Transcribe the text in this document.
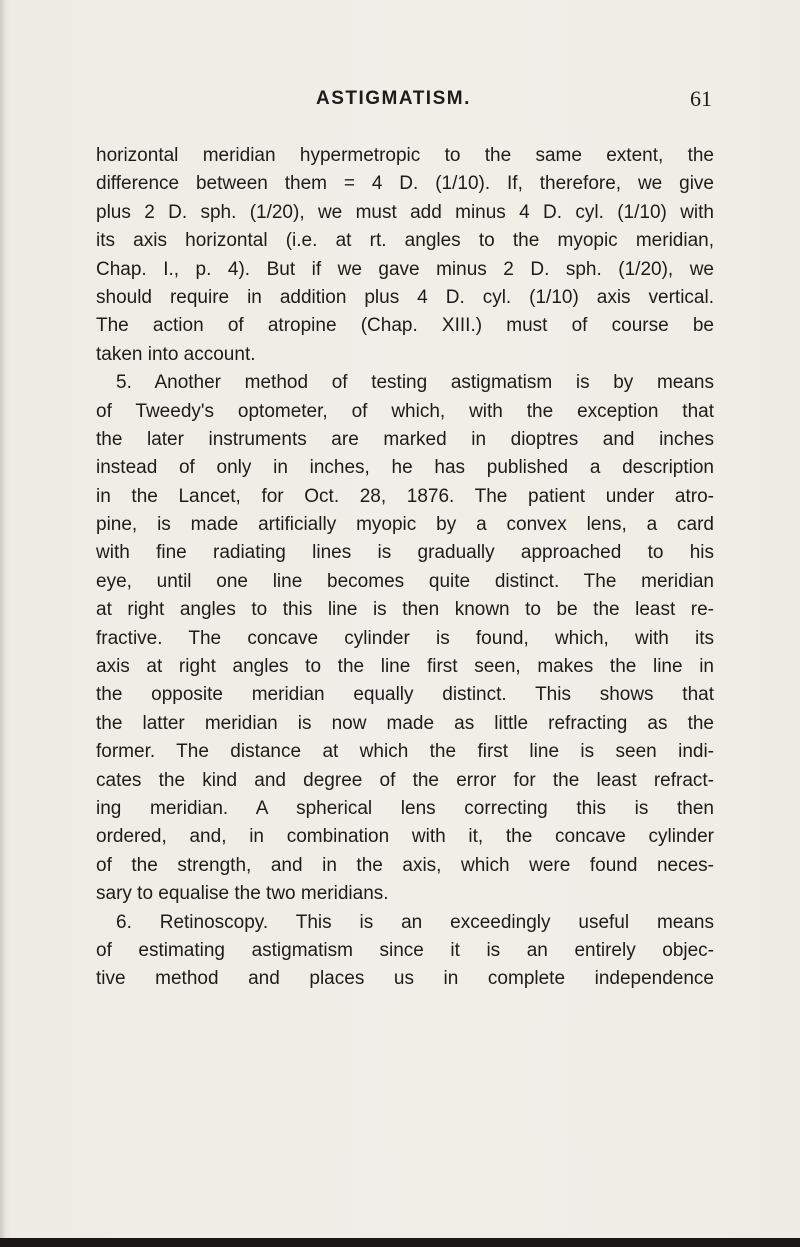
ASTIGMATISM.	61
horizontal meridian hypermetropic to the same extent, the
difference between them = 4 D. (1/10). If, therefore, we give
plus 2 D. sph. (1/20), we must add minus 4 D. cyl. (1/10) with
its axis horizontal (i.e. at rt. angles to the myopic meridian,
Chap. I., p. 4). But if we gave minus 2 D. sph. (1/20), we
should require in addition plus 4 D. cyl. (1/10) axis vertical.
The action of atropine (Chap. XIII.) must of course be
taken into account.
5. Another method of testing astigmatism is by means
of Tweedy's optometer, of which, with the exception that
the later instruments are marked in dioptres and inches
instead of only in inches, he has published a description
in the Lancet, for Oct. 28, 1876. The patient under atro-
pine, is made artificially myopic by a convex lens, a card
with fine radiating lines is gradually approached to his
eye, until one line becomes quite distinct. The meridian
at right angles to this line is then known to be the least re-
fractive. The concave cylinder is found, which, with its
axis at right angles to the line first seen, makes the line in
the opposite meridian equally distinct. This shows that
the latter meridian is now made as little refracting as the
former. The distance at which the first line is seen indi-
cates the kind and degree of the error for the least refract-
ing meridian. A spherical lens correcting this is then
ordered, and, in combination with it, the concave cylinder
of the strength, and in the axis, which were found neces-
sary to equalise the two meridians.
6. Retinoscopy. This is an exceedingly useful means
of estimating astigmatism since it is an entirely objec-
tive method and places us in complete independence
